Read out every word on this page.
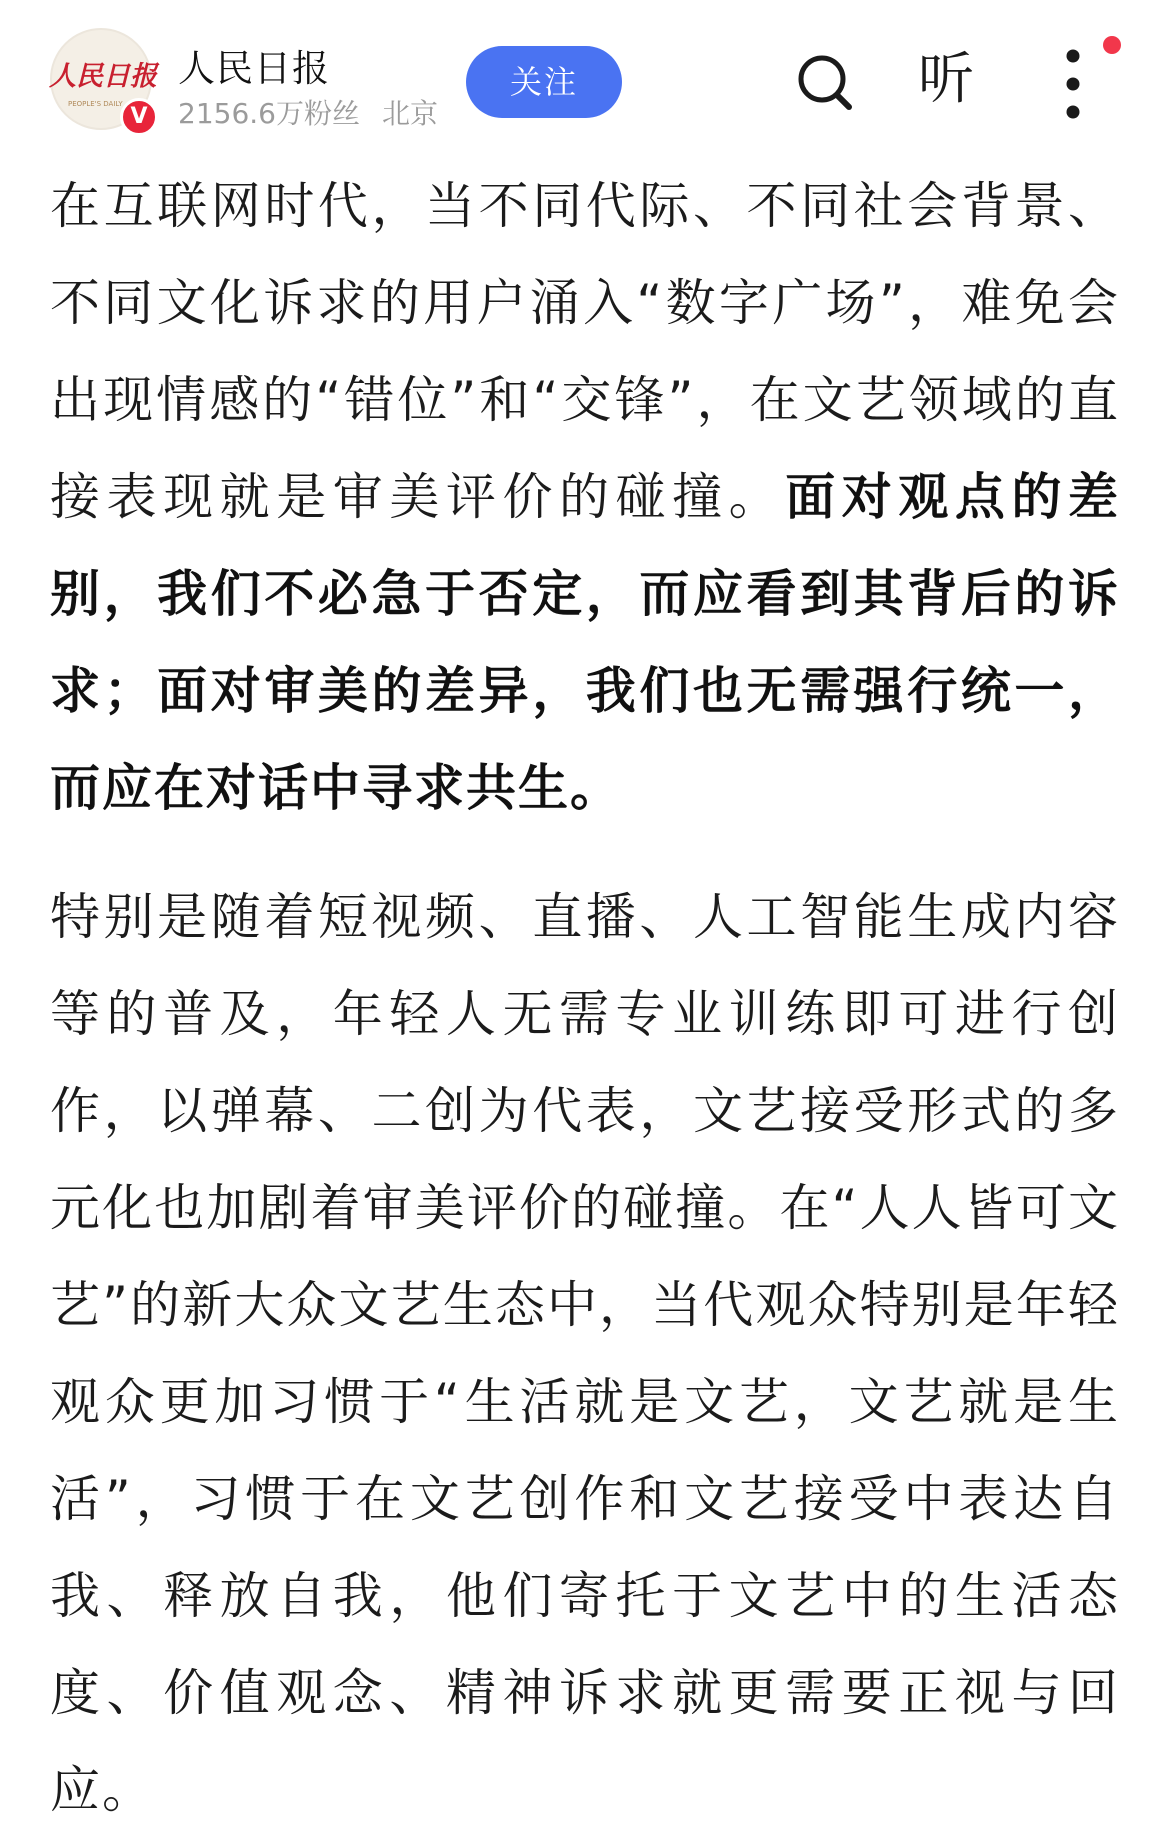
人民日报
PEOPLE'S DAILY V
人民日报
2156.6万粉丝 北京
关注	听

在互联网时代，当不同代际、不同社会背景、不同文化诉求的用户涌入“数字广场”，难免会出现情感的“错位”和“交锋”，在文艺领域的直接表现就是审美评价的碰撞。面对观点的差别，我们不必急于否定，而应看到其背后的诉求；面对审美的差异，我们也无需强行统一，而应在对话中寻求共生。

特别是随着短视频、直播、人工智能生成内容等的普及，年轻人无需专业训练即可进行创作，以弹幕、二创为代表，文艺接受形式的多元化也加剧着审美评价的碰撞。在“人人皆可文艺”的新大众文艺生态中，当代观众特别是年轻观众更加习惯于“生活就是文艺，文艺就是生活”，习惯于在文艺创作和文艺接受中表达自我、释放自我，他们寄托于文艺中的生活态度、价值观念、精神诉求就更需要正视与回应。
